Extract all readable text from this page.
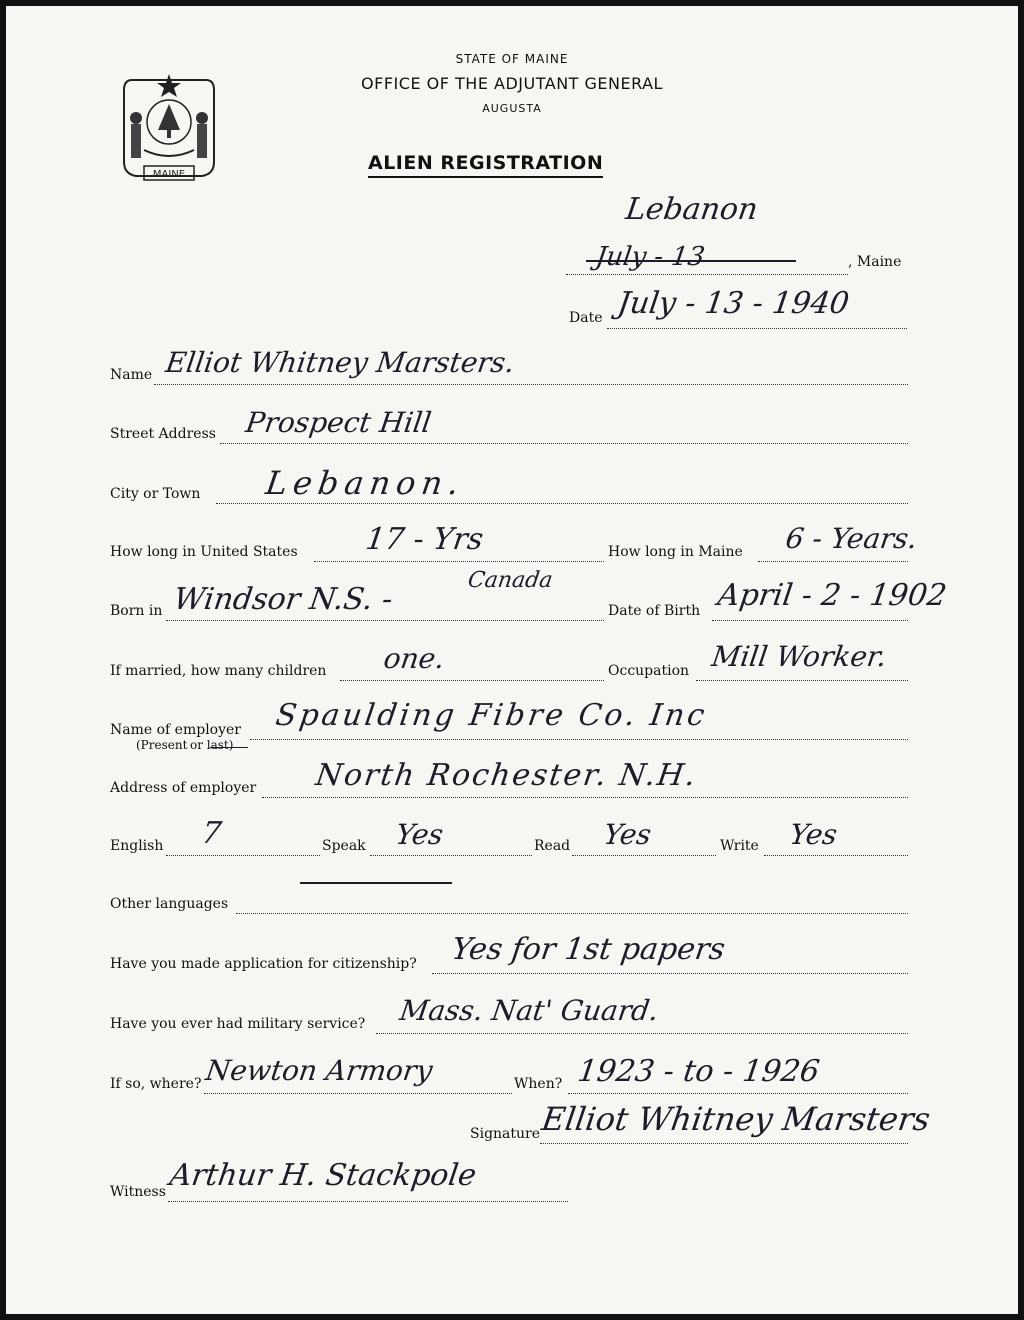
MAINE
STATE OF MAINE
OFFICE OF THE ADJUTANT GENERAL
AUGUSTA
ALIEN REGISTRATION
Lebanon
July - 13	, Maine
Date July - 13 - 1940
Name Elliot Whitney Marsters.
Street Address Prospect Hill
City or Town Lebanon.
How long in United States 17 - Yrs	How long in Maine 6 - Years.
Born in Windsor N.S. -
Canada
Date of Birth April - 2 - 1902
If married, how many children one.	Occupation Mill Worker.
Name of employer
(Present or last)
Spaulding Fibre Co. Inc
Address of employer North Rochester. N.H.
English 7	Speak Yes	Read Yes	Write Yes
Other languages
Have you made application for citizenship? Yes for 1st papers
Have you ever had military service? Mass. Nat' Guard.
If so, where? Newton Armory	When? 1923 - to - 1926
Signature Elliot Whitney Marsters
Witness Arthur H. Stackpole
